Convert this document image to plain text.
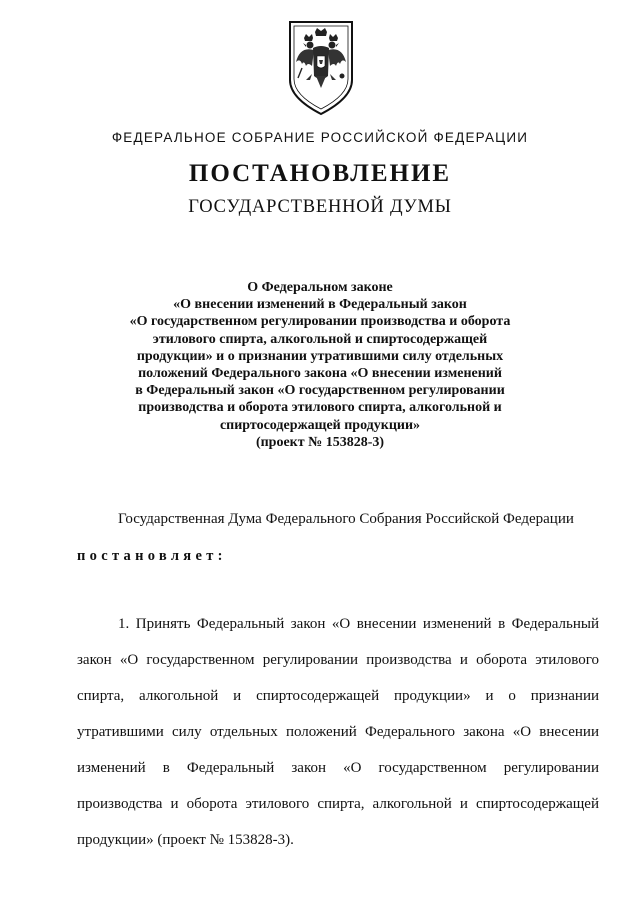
ФЕДЕРАЛЬНОЕ СОБРАНИЕ РОССИЙСКОЙ ФЕДЕРАЦИИ
ПОСТАНОВЛЕНИЕ
ГОСУДАРСТВЕННОЙ ДУМЫ
О Федеральном законе
«О внесении изменений в Федеральный закон
«О государственном регулировании производства и оборота
этилового спирта, алкогольной и спиртосодержащей
продукции» и о признании утратившими силу отдельных
положений Федерального закона «О внесении изменений
в Федеральный закон «О государственном регулировании
производства и оборота этилового спирта, алкогольной и
спиртосодержащей продукции»
(проект № 153828-3)
Государственная Дума Федерального Собрания Российской Федерации
постановляет:
1. Принять Федеральный закон «О внесении изменений в Федеральный
закон «О государственном регулировании производства и оборота этилового
спирта, алкогольной и спиртосодержащей продукции» и о признании
утратившими силу отдельных положений Федерального закона «О внесении
изменений в Федеральный закон «О государственном регулировании
производства и оборота этилового спирта, алкогольной и спиртосодержащей
продукции» (проект № 153828-3).
